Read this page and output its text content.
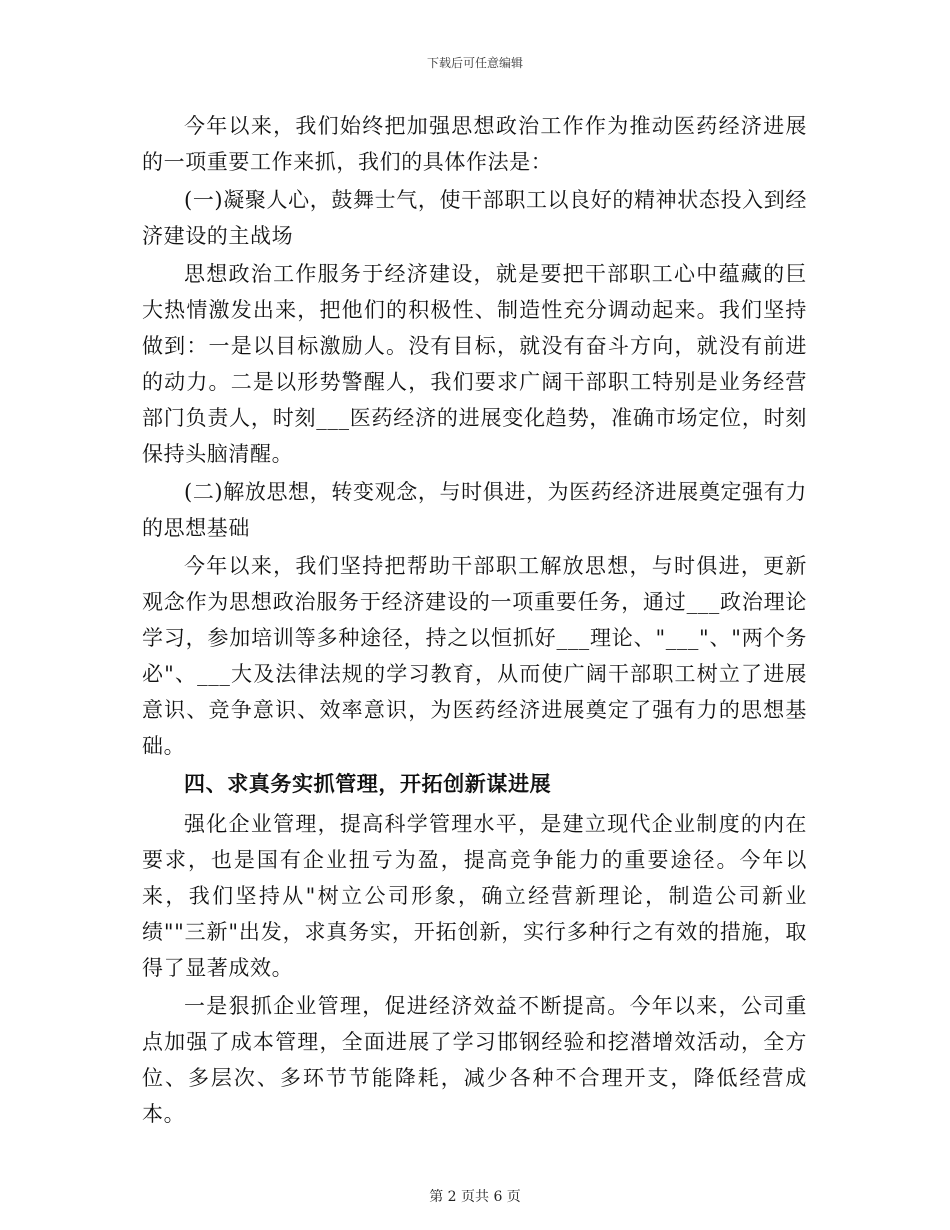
下载后可任意编辑

今年以来，我们始终把加强思想政治工作作为推动医药经济进展的一项重要工作来抓，我们的具体作法是：

(一)凝聚人心，鼓舞士气，使干部职工以良好的精神状态投入到经济建设的主战场

思想政治工作服务于经济建设，就是要把干部职工心中蕴藏的巨大热情激发出来，把他们的积极性、制造性充分调动起来。我们坚持做到：一是以目标激励人。没有目标，就没有奋斗方向，就没有前进的动力。二是以形势警醒人，我们要求广阔干部职工特别是业务经营部门负责人，时刻___医药经济的进展变化趋势，准确市场定位，时刻保持头脑清醒。

(二)解放思想，转变观念，与时俱进，为医药经济进展奠定强有力的思想基础

今年以来，我们坚持把帮助干部职工解放思想，与时俱进，更新观念作为思想政治服务于经济建设的一项重要任务，通过___政治理论学习，参加培训等多种途径，持之以恒抓好___理论、"___"、"两个务必"、___大及法律法规的学习教育，从而使广阔干部职工树立了进展意识、竞争意识、效率意识，为医药经济进展奠定了强有力的思想基础。

四、求真务实抓管理，开拓创新谋进展

强化企业管理，提高科学管理水平，是建立现代企业制度的内在要求，也是国有企业扭亏为盈，提高竞争能力的重要途径。今年以来，我们坚持从"树立公司形象，确立经营新理论，制造公司新业绩""三新"出发，求真务实，开拓创新，实行多种行之有效的措施，取得了显著成效。

一是狠抓企业管理，促进经济效益不断提高。今年以来，公司重点加强了成本管理，全面进展了学习邯钢经验和挖潜增效活动，全方位、多层次、多环节节能降耗，减少各种不合理开支，降低经营成本。

第 2 页共 6 页
